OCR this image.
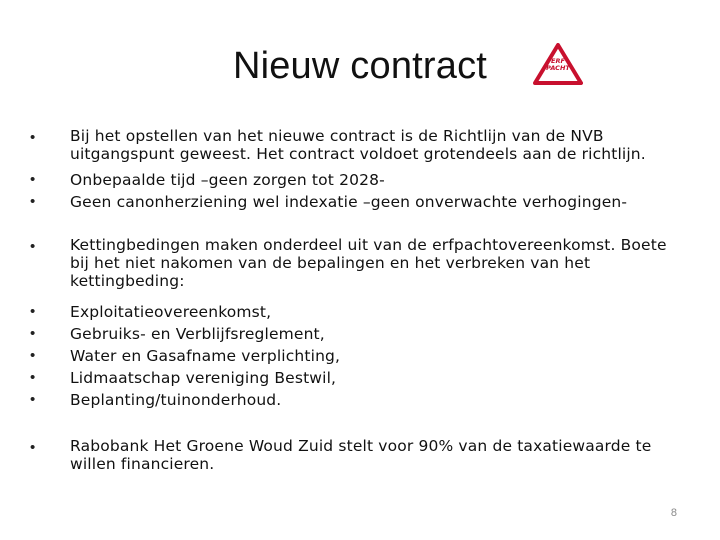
Nieuw contract	ERF
PACHT
•	Bij het opstellen van het nieuwe contract is de Richtlijn van de NVB uitgangspunt geweest. Het contract voldoet grotendeels aan de richtlijn.
•	Onbepaalde tijd –geen zorgen tot 2028-
•	Geen canonherziening wel indexatie –geen onverwachte verhogingen-
•	Kettingbedingen maken onderdeel uit van de erfpachtovereenkomst. Boete bij het niet nakomen van de bepalingen en het verbreken van het kettingbeding:
•	Exploitatieovereenkomst,
•	Gebruiks- en Verblijfsreglement,
•	Water en Gasafname verplichting,
•	Lidmaatschap vereniging Bestwil,
•	Beplanting/tuinonderhoud.
•	Rabobank Het Groene Woud Zuid stelt voor 90% van de taxatiewaarde te willen financieren.
8
